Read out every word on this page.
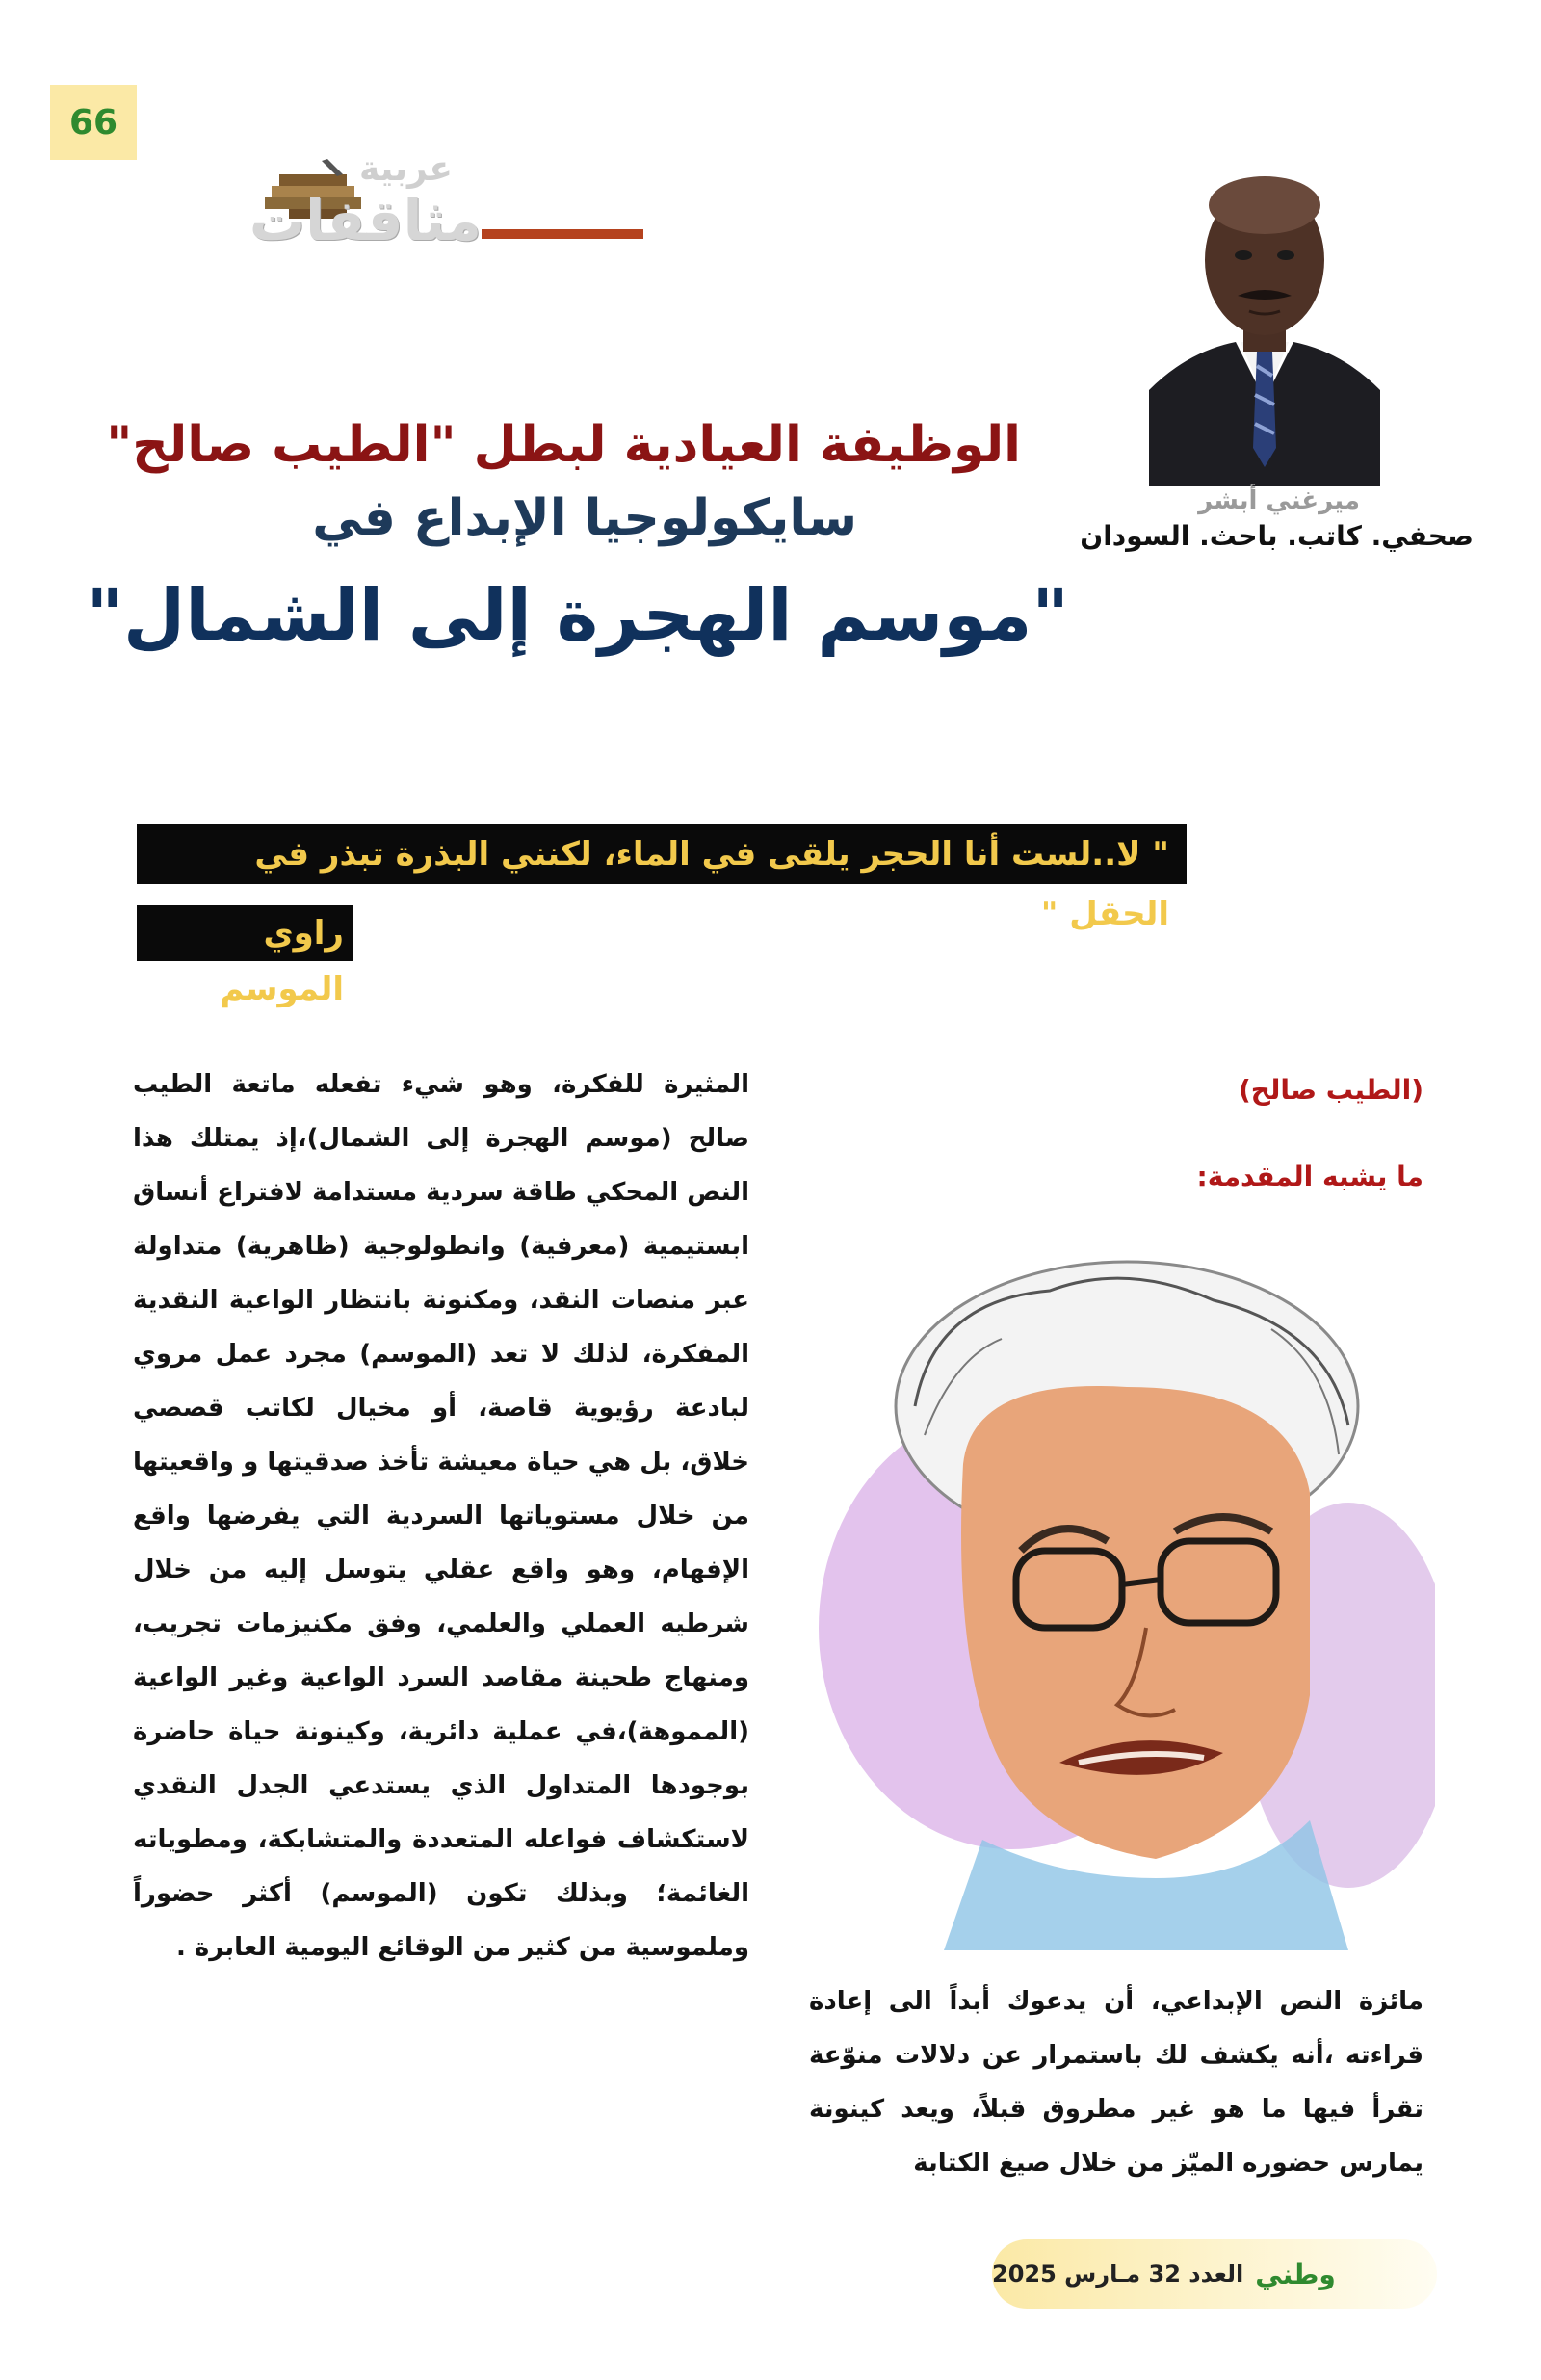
66
عربية
مثاقفات
ميرغني أبشر
صحفي. كاتب. باحث. السودان
الوظيفة العيادية لبطل "الطيب صالح"
سايكولوجيا الإبداع في
"موسم الهجرة إلى الشمال"
" لا..لست أنا الحجر يلقى في الماء، لكنني البذرة تبذر في الحقل "
راوي الموسم
المثيرة للفكرة، وهو شيء تفعله ماتعة الطيب صالح (موسم الهجرة إلى الشمال)،إذ يمتلك هذا النص المحكي طاقة سردية مستدامة لافتراع أنساق ابستيمية (معرفية) وانطولوجية (ظاهرية) متداولة عبر منصات النقد، ومكنونة بانتظار الواعية النقدية المفكرة، لذلك لا تعد (الموسم) مجرد عمل مروي لبادعة رؤيوية قاصة، أو مخيال لكاتب قصصي خلاق، بل هي حياة معيشة تأخذ صدقيتها و واقعيتها من خلال مستوياتها السردية التي يفرضها واقع الإفهام، وهو واقع عقلي يتوسل إليه من خلال شرطيه العملي والعلمي، وفق مكنيزمات تجريب، ومنهاج طحينة مقاصد السرد الواعية وغير الواعية (المموهة)،في عملية دائرية، وكينونة حياة حاضرة بوجودها المتداول الذي يستدعي الجدل النقدي لاستكشاف فواعله المتعددة والمتشابكة، ومطوياته الغائمة؛ وبذلك تكون (الموسم) أكثر حضوراً وملموسية من كثير من الوقائع اليومية العابرة .
(الطيب صالح)
ما يشبه المقدمة:
مائزة النص الإبداعي، أن يدعوك أبداً الى إعادة قراءته ،أنه يكشف لك باستمرار عن دلالات منوّعة تقرأ فيها ما هو غير مطروق قبلاً، ويعد كينونة يمارس حضوره الميّز من خلال صيغ الكتابة
وطني
العدد 32 مـارس 2025
